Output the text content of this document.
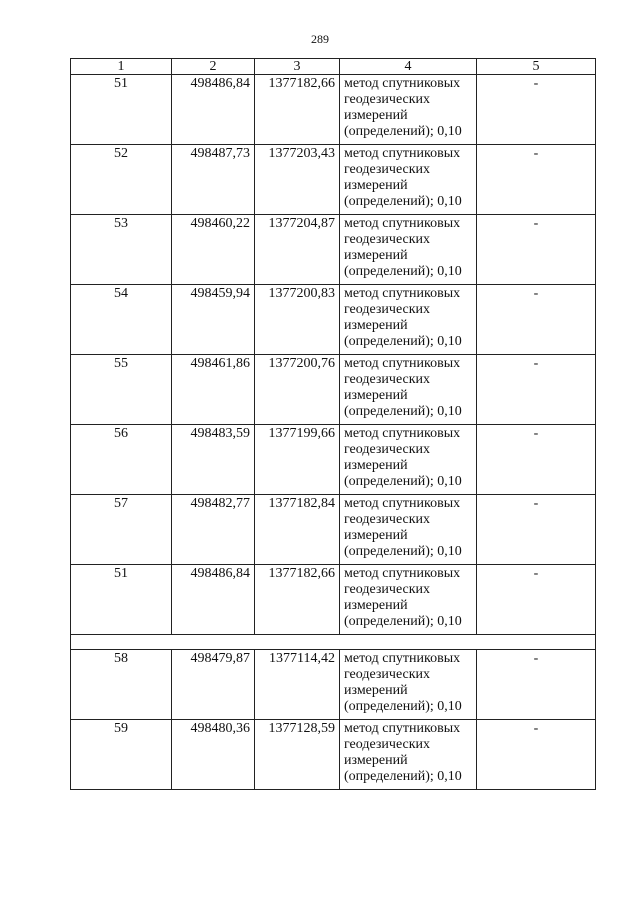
289
1	2	3	4	5
51	498486,84	1377182,66	метод спутниковых
геодезических
измерений
(определений); 0,10	-
52	498487,73	1377203,43	метод спутниковых
геодезических
измерений
(определений); 0,10	-
53	498460,22	1377204,87	метод спутниковых
геодезических
измерений
(определений); 0,10	-
54	498459,94	1377200,83	метод спутниковых
геодезических
измерений
(определений); 0,10	-
55	498461,86	1377200,76	метод спутниковых
геодезических
измерений
(определений); 0,10	-
56	498483,59	1377199,66	метод спутниковых
геодезических
измерений
(определений); 0,10	-
57	498482,77	1377182,84	метод спутниковых
геодезических
измерений
(определений); 0,10	-
51	498486,84	1377182,66	метод спутниковых
геодезических
измерений
(определений); 0,10	-

58	498479,87	1377114,42	метод спутниковых
геодезических
измерений
(определений); 0,10	-
59	498480,36	1377128,59	метод спутниковых
геодезических
измерений
(определений); 0,10	-
